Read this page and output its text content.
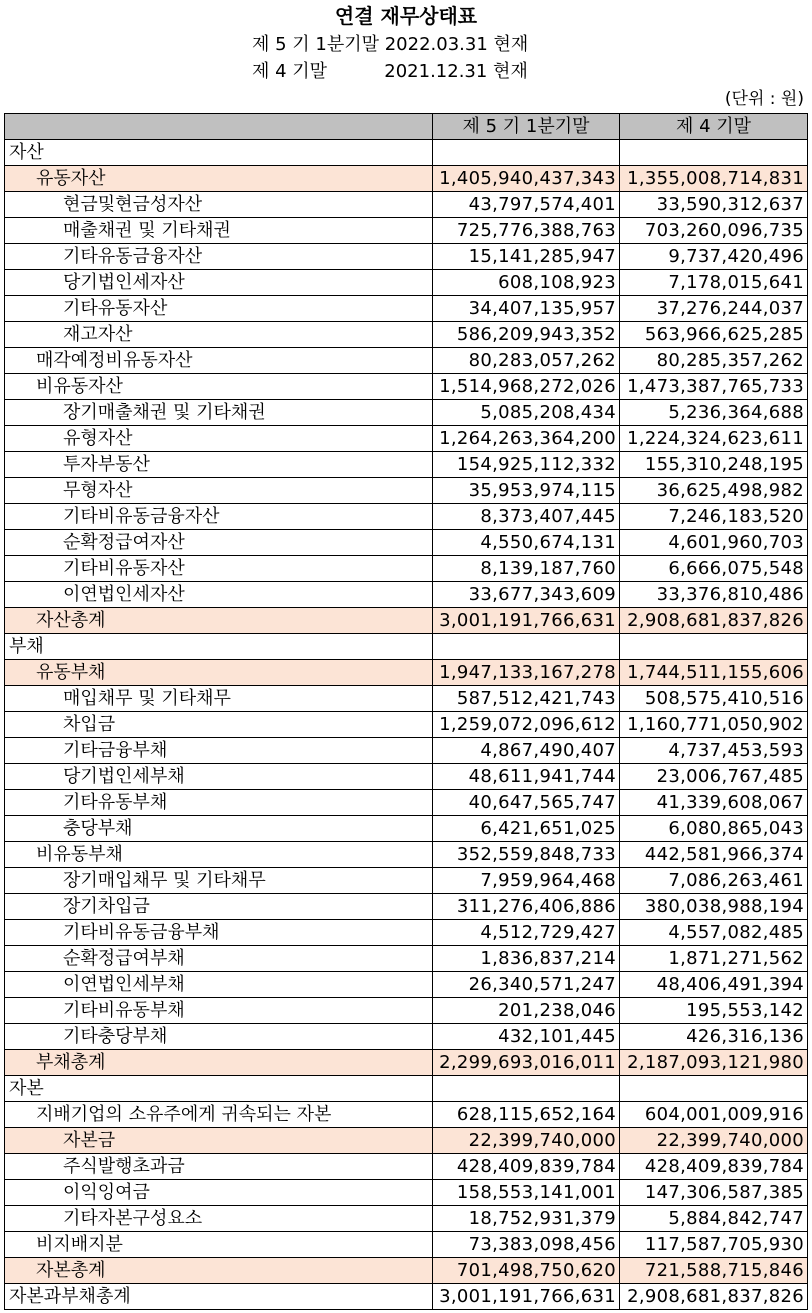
연결 재무상태표
제 5 기 1분기말 2022.03.31 현재
제 4 기말          2021.12.31 현재
(단위 : 원)
	제 5 기 1분기말	제 4 기말
자산		
유동자산	1,405,940,437,343	1,355,008,714,831
현금및현금성자산	43,797,574,401	33,590,312,637
매출채권 및 기타채권	725,776,388,763	703,260,096,735
기타유동금융자산	15,141,285,947	9,737,420,496
당기법인세자산	608,108,923	7,178,015,641
기타유동자산	34,407,135,957	37,276,244,037
재고자산	586,209,943,352	563,966,625,285
매각예정비유동자산	80,283,057,262	80,285,357,262
비유동자산	1,514,968,272,026	1,473,387,765,733
장기매출채권 및 기타채권	5,085,208,434	5,236,364,688
유형자산	1,264,263,364,200	1,224,324,623,611
투자부동산	154,925,112,332	155,310,248,195
무형자산	35,953,974,115	36,625,498,982
기타비유동금융자산	8,373,407,445	7,246,183,520
순확정급여자산	4,550,674,131	4,601,960,703
기타비유동자산	8,139,187,760	6,666,075,548
이연법인세자산	33,677,343,609	33,376,810,486
자산총계	3,001,191,766,631	2,908,681,837,826
부채		
유동부채	1,947,133,167,278	1,744,511,155,606
매입채무 및 기타채무	587,512,421,743	508,575,410,516
차입금	1,259,072,096,612	1,160,771,050,902
기타금융부채	4,867,490,407	4,737,453,593
당기법인세부채	48,611,941,744	23,006,767,485
기타유동부채	40,647,565,747	41,339,608,067
충당부채	6,421,651,025	6,080,865,043
비유동부채	352,559,848,733	442,581,966,374
장기매입채무 및 기타채무	7,959,964,468	7,086,263,461
장기차입금	311,276,406,886	380,038,988,194
기타비유동금융부채	4,512,729,427	4,557,082,485
순확정급여부채	1,836,837,214	1,871,271,562
이연법인세부채	26,340,571,247	48,406,491,394
기타비유동부채	201,238,046	195,553,142
기타충당부채	432,101,445	426,316,136
부채총계	2,299,693,016,011	2,187,093,121,980
자본		
지배기업의 소유주에게 귀속되는 자본	628,115,652,164	604,001,009,916
자본금	22,399,740,000	22,399,740,000
주식발행초과금	428,409,839,784	428,409,839,784
이익잉여금	158,553,141,001	147,306,587,385
기타자본구성요소	18,752,931,379	5,884,842,747
비지배지분	73,383,098,456	117,587,705,930
자본총계	701,498,750,620	721,588,715,846
자본과부채총계	3,001,191,766,631	2,908,681,837,826
